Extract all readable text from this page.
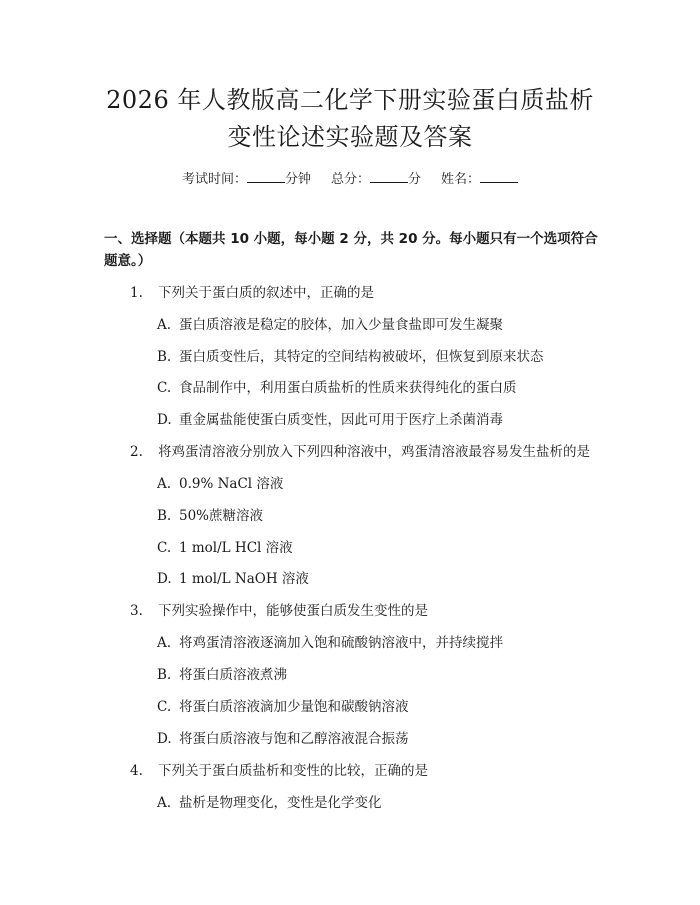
2026 年人教版高二化学下册实验蛋白质盐析
变性论述实验题及答案
考试时间：	分钟 总分：	分 姓名：
一、选择题（本题共 10 小题，每小题 2 分，共 20 分。每小题只有一个选项符合
题意。）
1. 下列关于蛋白质的叙述中，正确的是
A. 蛋白质溶液是稳定的胶体，加入少量食盐即可发生凝聚
B. 蛋白质变性后，其特定的空间结构被破坏，但恢复到原来状态
C. 食品制作中，利用蛋白质盐析的性质来获得纯化的蛋白质
D. 重金属盐能使蛋白质变性，因此可用于医疗上杀菌消毒
2. 将鸡蛋清溶液分别放入下列四种溶液中，鸡蛋清溶液最容易发生盐析的是
A. 0.9% NaCl 溶液
B. 50%蔗糖溶液
C. 1 mol/L HCl 溶液
D. 1 mol/L NaOH 溶液
3. 下列实验操作中，能够使蛋白质发生变性的是
A. 将鸡蛋清溶液逐滴加入饱和硫酸钠溶液中，并持续搅拌
B. 将蛋白质溶液煮沸
C. 将蛋白质溶液滴加少量饱和碳酸钠溶液
D. 将蛋白质溶液与饱和乙醇溶液混合振荡
4. 下列关于蛋白质盐析和变性的比较，正确的是
A. 盐析是物理变化，变性是化学变化
